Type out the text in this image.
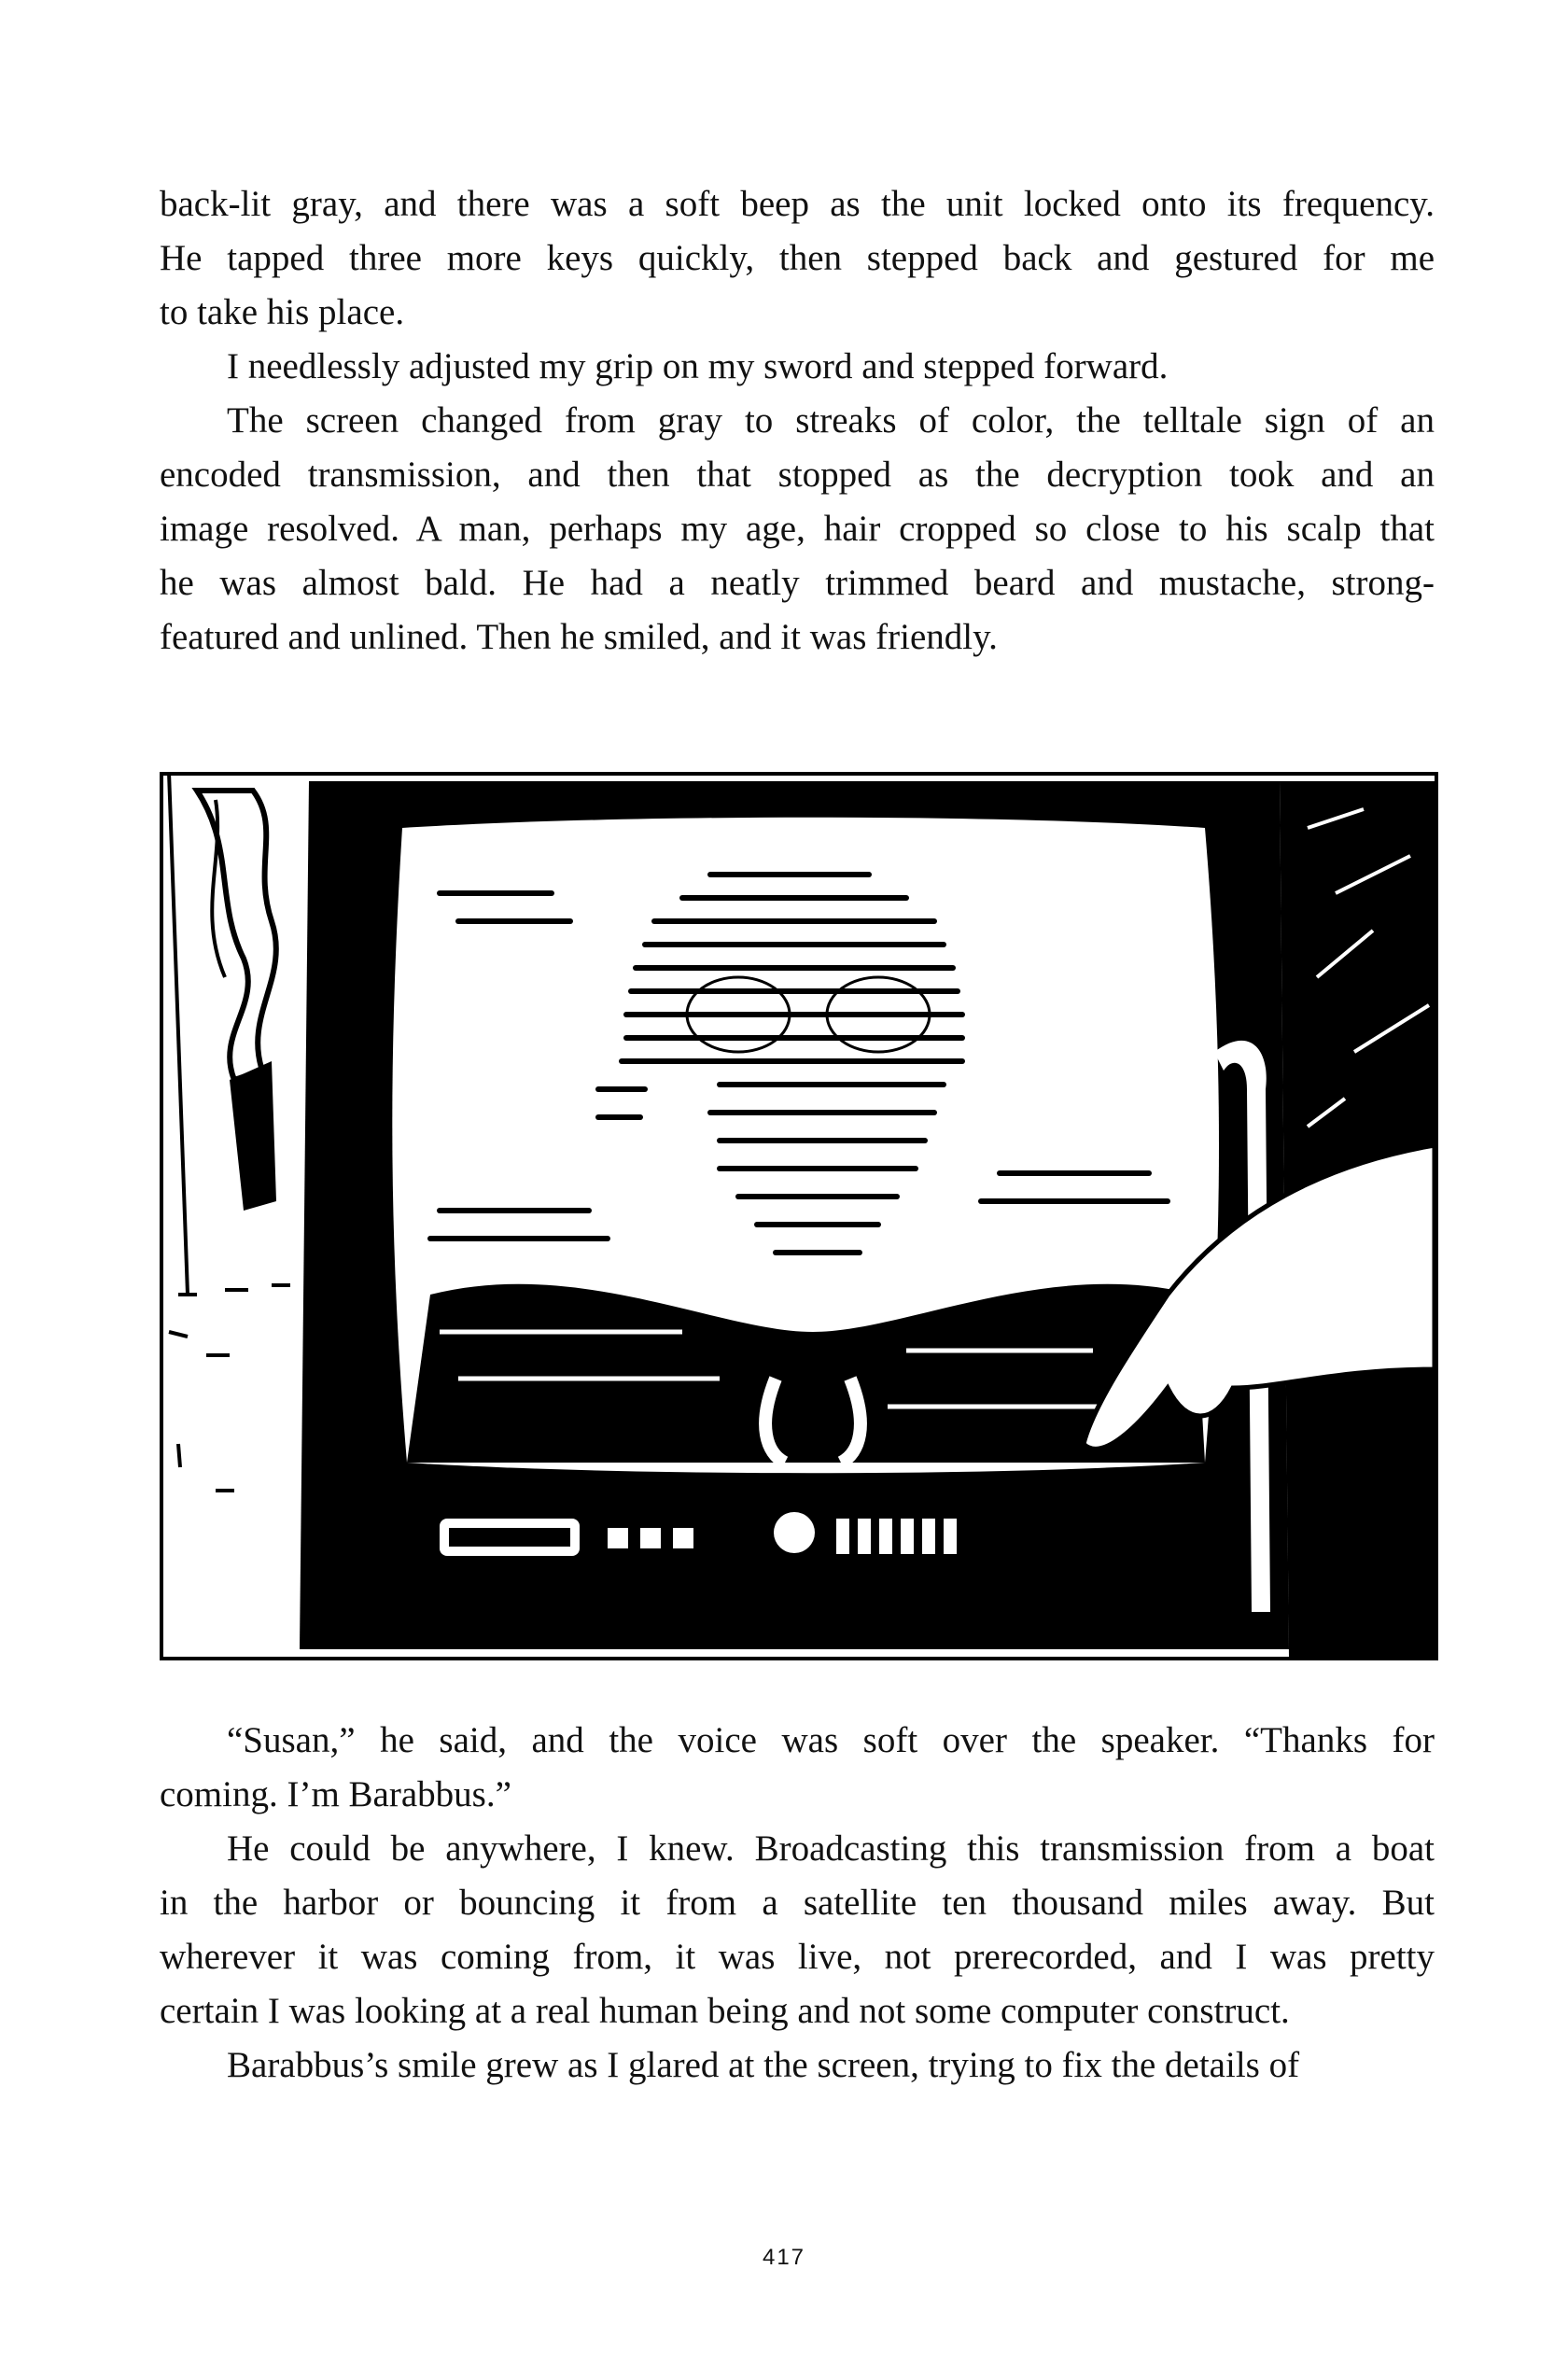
back-lit gray, and there was a soft beep as the unit locked onto its frequency.
He tapped three more keys quickly, then stepped back and gestured for me
to take his place.
I needlessly adjusted my grip on my sword and stepped forward.
The screen changed from gray to streaks of color, the telltale sign of an
encoded transmission, and then that stopped as the decryption took and an
image resolved. A man, perhaps my age, hair cropped so close to his scalp that
he was almost bald. He had a neatly trimmed beard and mustache, strong-
featured and unlined. Then he smiled, and it was friendly.
“Susan,” he said, and the voice was soft over the speaker. “Thanks for
coming. I’m Barabbus.”
He could be anywhere, I knew. Broadcasting this transmission from a boat
in the harbor or bouncing it from a satellite ten thousand miles away. But
wherever it was coming from, it was live, not prerecorded, and I was pretty
certain I was looking at a real human being and not some computer construct.
Barabbus’s smile grew as I glared at the screen, trying to fix the details of
417
